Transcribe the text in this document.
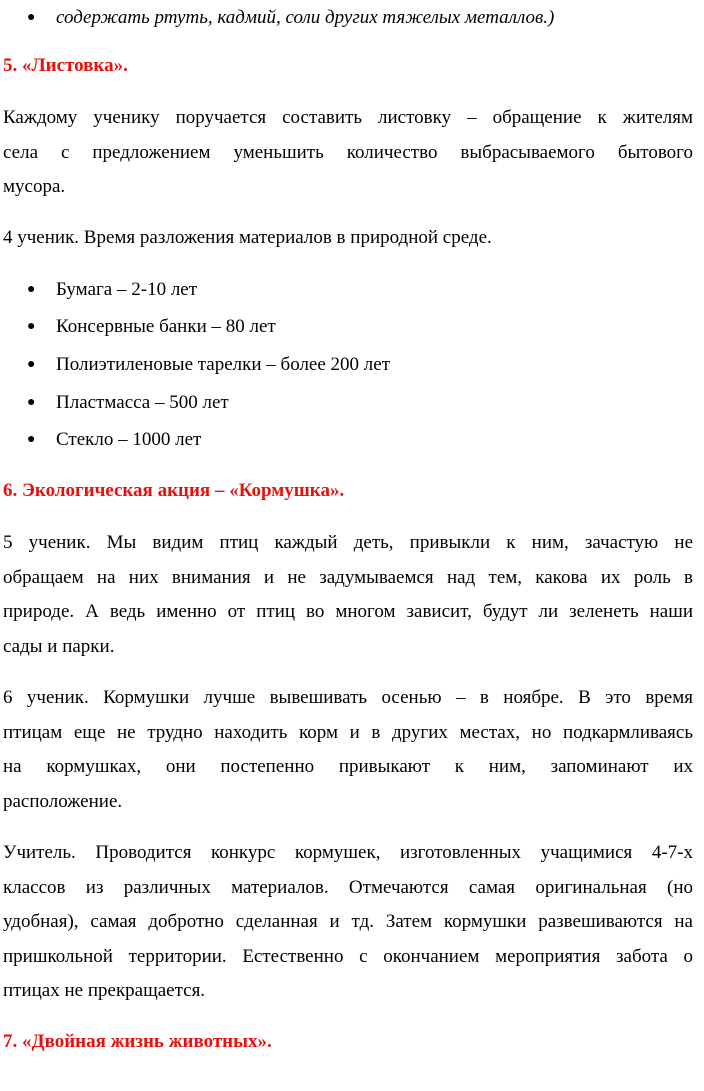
● содержать ртуть, кадмий, соли других тяжелых металлов.)
5. «Листовка».
Каждому ученику поручается составить листовку – обращение к жителям
села с предложением уменьшить количество выбрасываемого бытового
мусора.
4 ученик. Время разложения материалов в природной среде.
● Бумага – 2-10 лет
● Консервные банки – 80 лет
● Полиэтиленовые тарелки – более 200 лет
● Пластмасса – 500 лет
● Стекло – 1000 лет
6. Экологическая акция – «Кормушка».
5 ученик. Мы видим птиц каждый деть, привыкли к ним, зачастую не
обращаем на них внимания и не задумываемся над тем, какова их роль в
природе. А ведь именно от птиц во многом зависит, будут ли зеленеть наши
сады и парки.
6 ученик. Кормушки лучше вывешивать осенью – в ноябре. В это время
птицам еще не трудно находить корм и в других местах, но подкармливаясь
на кормушках, они постепенно привыкают к ним, запоминают их
расположение.
Учитель. Проводится конкурс кормушек, изготовленных учащимися 4-7-х
классов из различных материалов. Отмечаются самая оригинальная (но
удобная), самая добротно сделанная и тд. Затем кормушки развешиваются на
пришкольной территории. Естественно с окончанием мероприятия забота о
птицах не прекращается.
7. «Двойная жизнь животных».
